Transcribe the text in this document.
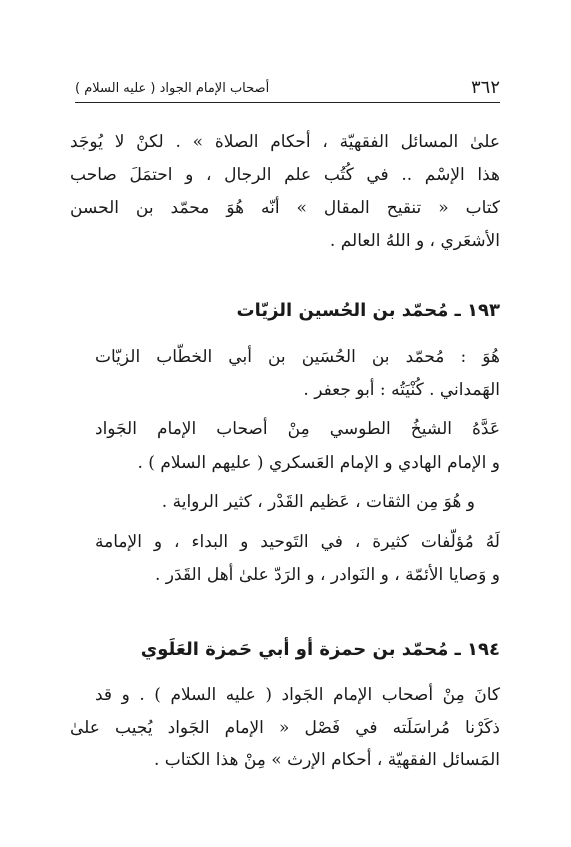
٣٦٢
أصحاب الإمام الجواد ( عليه السلام )
علىٰ المسائل الفقهيّة ، أحكام الصلاة » . لكنْ لا يُوجَد
هذا الإسْم .. في كُتُب علم الرجال ، و احتمَلَ صاحب
كتاب « تنقيح المقال » أنّه هُوَ محمّد بن الحسن
الأشعَري ، و اللهُ العالم .
١٩٣ ـ مُحمّد بن الحُسين الزيّات
هُوَ : مُحمّد بن الحُسَين بن أبي الخطّاب الزيّات
الهَمداني . كُنْيَتُه : أبو جعفر .
عَدَّهُ الشيخُ الطوسي مِنْ أصحاب الإمام الجَواد
و الإمام الهادي و الإمام العَسكري ( عليهم السلام ) .
و هُوَ مِن الثقات ، عَظيم القَدْر ، كثير الرواية .
لَهُ مُؤلّفات كثيرة ، في التَوحيد و البداء ، و الإمامة
و وَصايا الأئمّة ، و النَوادر ، و الرَدّ علىٰ أهل القَدَر .
١٩٤ ـ مُحمّد بن حمزة أو أبي حَمزة العَلَوي
كانَ مِنْ أصحاب الإمام الجَواد ( عليه السلام ) . و قد
ذكَرْنا مُراسَلَته في فَصْل « الإمام الجَواد يُجيب علىٰ
المَسائل الفقهيّة ، أحكام الإرث » مِنْ هذا الكتاب .
